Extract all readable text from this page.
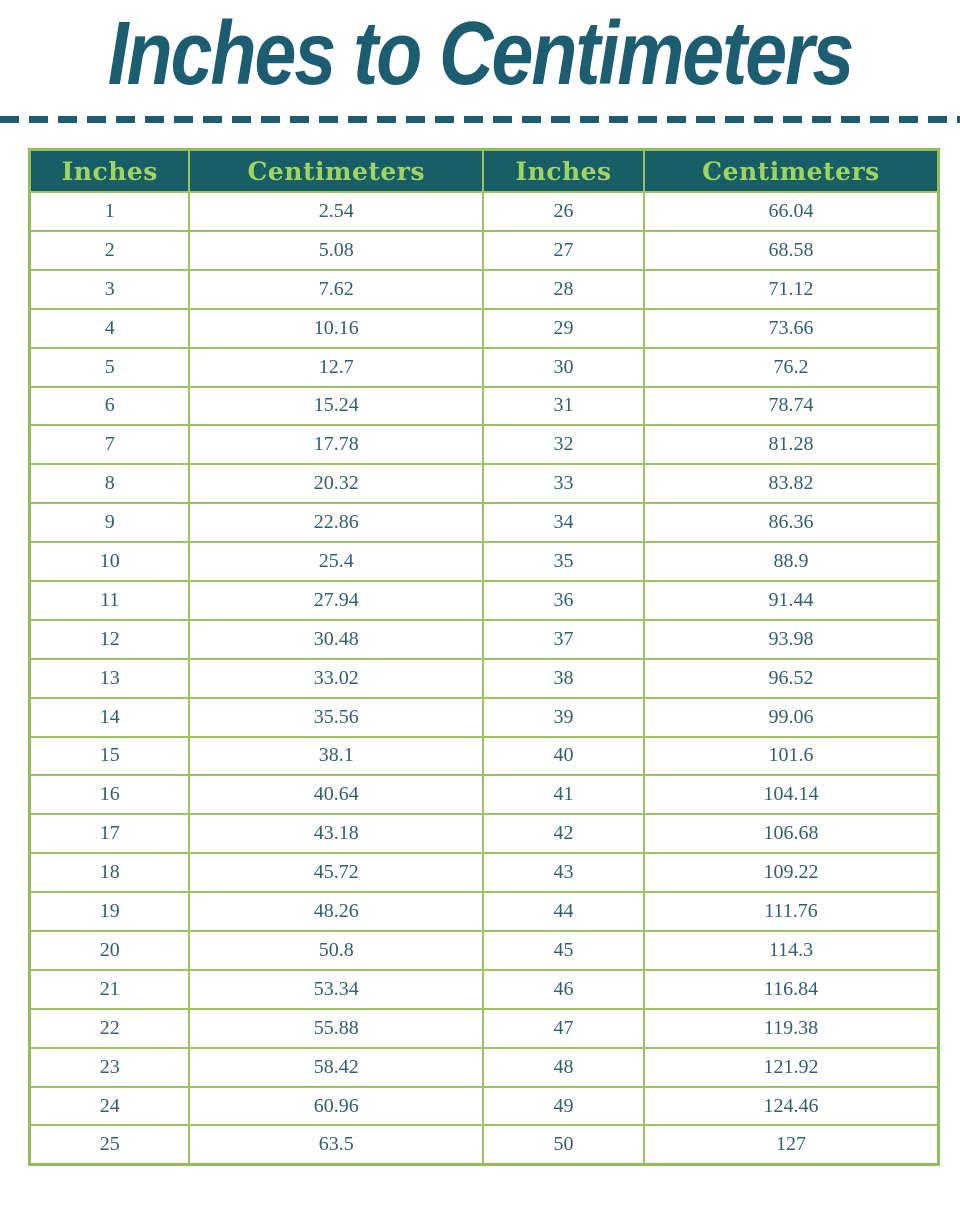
Inches to Centimeters
Inches	Centimeters	Inches	Centimeters
1	2.54	26	66.04
2	5.08	27	68.58
3	7.62	28	71.12
4	10.16	29	73.66
5	12.7	30	76.2
6	15.24	31	78.74
7	17.78	32	81.28
8	20.32	33	83.82
9	22.86	34	86.36
10	25.4	35	88.9
11	27.94	36	91.44
12	30.48	37	93.98
13	33.02	38	96.52
14	35.56	39	99.06
15	38.1	40	101.6
16	40.64	41	104.14
17	43.18	42	106.68
18	45.72	43	109.22
19	48.26	44	111.76
20	50.8	45	114.3
21	53.34	46	116.84
22	55.88	47	119.38
23	58.42	48	121.92
24	60.96	49	124.46
25	63.5	50	127
